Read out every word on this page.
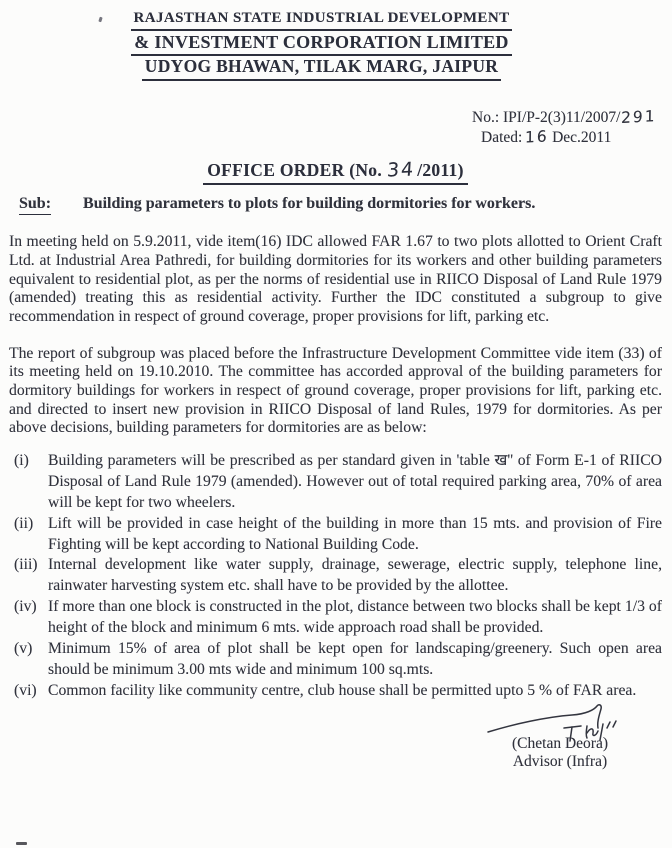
RAJASTHAN STATE INDUSTRIAL DEVELOPMENT
& INVESTMENT CORPORATION LIMITED
UDYOG BHAWAN, TILAK MARG, JAIPUR
No.: IPI/P-2(3)11/2007/291
Dated: 16 Dec.2011
OFFICE ORDER (No. 34/2011)
Sub: Building parameters to plots for building dormitories for workers.
In meeting held on 5.9.2011, vide item(16) IDC allowed FAR 1.67 to two plots allotted to Orient Craft Ltd. at Industrial Area Pathredi, for building dormitories for its workers and other building parameters equivalent to residential plot, as per the norms of residential use in RIICO Disposal of Land Rule 1979 (amended) treating this as residential activity. Further the IDC constituted a subgroup to give recommendation in respect of ground coverage, proper provisions for lift, parking etc.
The report of subgroup was placed before the Infrastructure Development Committee vide item (33) of its meeting held on 19.10.2010. The committee has accorded approval of the building parameters for dormitory buildings for workers in respect of ground coverage, proper provisions for lift, parking etc. and directed to insert new provision in RIICO Disposal of land Rules, 1979 for dormitories. As per above decisions, building parameters for dormitories are as below:
(i) Building parameters will be prescribed as per standard given in 'table ख'' of Form E-1 of RIICO Disposal of Land Rule 1979 (amended). However out of total required parking area, 70% of area will be kept for two wheelers.
(ii) Lift will be provided in case height of the building in more than 15 mts. and provision of Fire Fighting will be kept according to National Building Code.
(iii) Internal development like water supply, drainage, sewerage, electric supply, telephone line, rainwater harvesting system etc. shall have to be provided by the allottee.
(iv) If more than one block is constructed in the plot, distance between two blocks shall be kept 1/3 of height of the block and minimum 6 mts. wide approach road shall be provided.
(v) Minimum 15% of area of plot shall be kept open for landscaping/greenery. Such open area should be minimum 3.00 mts wide and minimum 100 sq.mts.
(vi) Common facility like community centre, club house shall be permitted upto 5 % of FAR area.
(Chetan Deora)
Advisor (Infra)
